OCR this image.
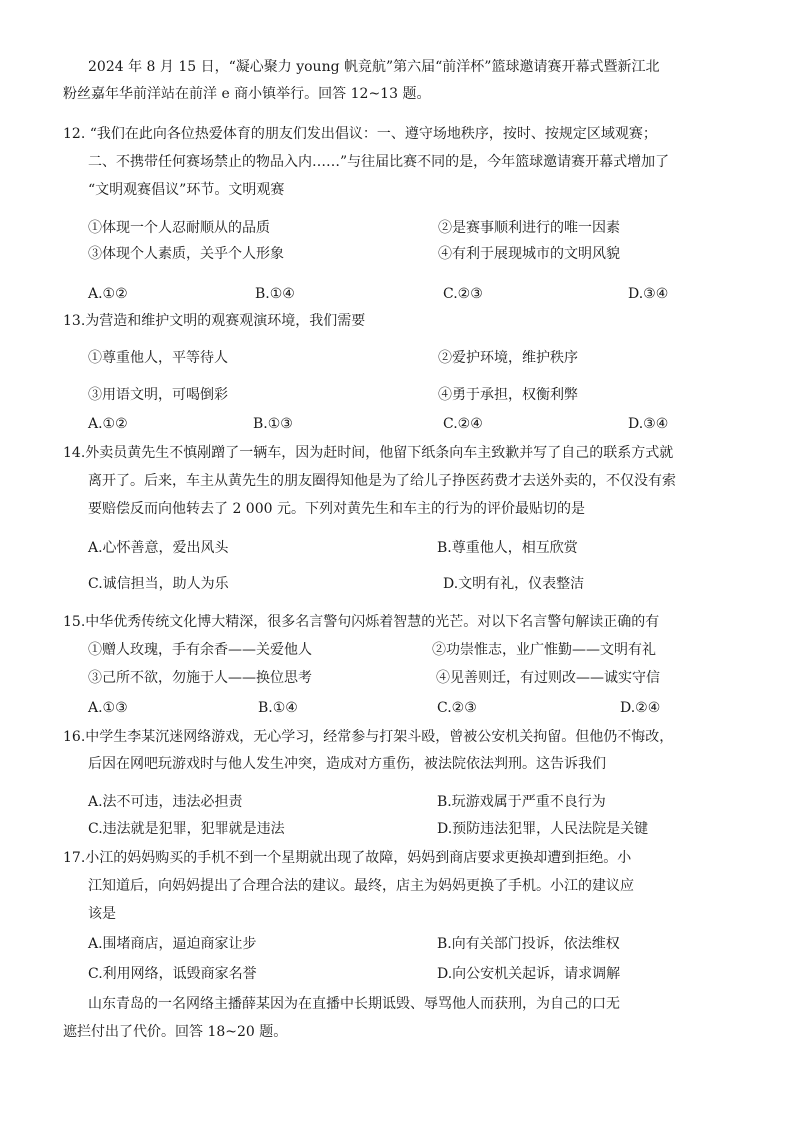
2024 年 8 月 15 日，“凝心聚力 young 帆竞航”第六届“前洋杯”篮球邀请赛开幕式暨新江北
粉丝嘉年华前洋站在前洋 e 商小镇举行。回答 12~13 题。
12. “我们在此向各位热爱体育的朋友们发出倡议：一、遵守场地秩序，按时、按规定区域观赛；
二、不携带任何赛场禁止的物品入内……”与往届比赛不同的是，今年篮球邀请赛开幕式增加了
“文明观赛倡议”环节。文明观赛
①体现一个人忍耐顺从的品质	②是赛事顺利进行的唯一因素
③体现个人素质，关乎个人形象	④有利于展现城市的文明风貌
A.①②	B.①④	C.②③	D.③④
13.为营造和维护文明的观赛观演环境，我们需要
①尊重他人，平等待人	②爱护环境，维护秩序
③用语文明，可喝倒彩	④勇于承担，权衡利弊
A.①②	B.①③	C.②④	D.③④
14.外卖员黄先生不慎剐蹭了一辆车，因为赶时间，他留下纸条向车主致歉并写了自己的联系方式就
离开了。后来，车主从黄先生的朋友圈得知他是为了给儿子挣医药费才去送外卖的，不仅没有索
要赔偿反而向他转去了 2 000 元。下列对黄先生和车主的行为的评价最贴切的是
A.心怀善意，爱出风头	B.尊重他人，相互欣赏
C.诚信担当，助人为乐	D.文明有礼，仪表整洁
15.中华优秀传统文化博大精深，很多名言警句闪烁着智慧的光芒。对以下名言警句解读正确的有
①赠人玫瑰，手有余香——关爱他人	②功崇惟志，业广惟勤——文明有礼
③己所不欲，勿施于人——换位思考	④见善则迁，有过则改——诚实守信
A.①③	B.①④	C.②③	D.②④
16.中学生李某沉迷网络游戏，无心学习，经常参与打架斗殴，曾被公安机关拘留。但他仍不悔改，
后因在网吧玩游戏时与他人发生冲突，造成对方重伤，被法院依法判刑。这告诉我们
A.法不可违，违法必担责	B.玩游戏属于严重不良行为
C.违法就是犯罪，犯罪就是违法	D.预防违法犯罪，人民法院是关键
17.小江的妈妈购买的手机不到一个星期就出现了故障，妈妈到商店要求更换却遭到拒绝。小
江知道后，向妈妈提出了合理合法的建议。最终，店主为妈妈更换了手机。小江的建议应
该是
A.围堵商店，逼迫商家让步	B.向有关部门投诉，依法维权
C.利用网络，诋毁商家名誉	D.向公安机关起诉，请求调解
山东青岛的一名网络主播薛某因为在直播中长期诋毁、辱骂他人而获刑，为自己的口无
遮拦付出了代价。回答 18~20 题。
